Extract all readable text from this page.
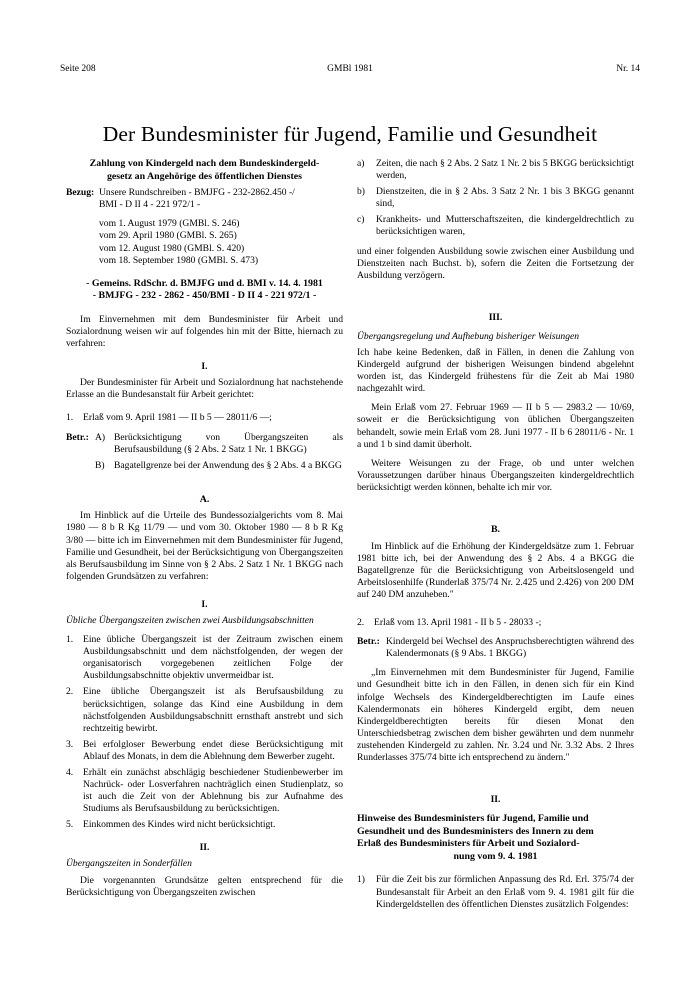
Seite 208	GMBl 1981	Nr. 14
Der Bundesminister für Jugend, Familie und Gesundheit
Zahlung von Kindergeld nach dem Bundeskindergeld-
gesetz an Angehörige des öffentlichen Dienstes
Bezug: Unsere Rundschreiben - BMJFG - 232-2862.450 -/
BMI - D II 4 - 221 972/1 -
vom 1. August 1979 (GMBl. S. 246)
vom 29. April 1980 (GMBl. S. 265)
vom 12. August 1980 (GMBl. S. 420)
vom 18. September 1980 (GMBl. S. 473)
- Gemeins. RdSchr. d. BMJFG und d. BMI v. 14. 4. 1981
- BMJFG - 232 - 2862 - 450/BMI - D II 4 - 221 972/1 -

Im Einvernehmen mit dem Bundesminister für Arbeit und Sozialordnung weisen wir auf folgendes hin mit der Bitte, hiernach zu verfahren:

I.

Der Bundesminister für Arbeit und Sozialordnung hat nachstehende Erlasse an die Bundesanstalt für Arbeit gerichtet:

1.	Erlaß vom 9. April 1981 — II b 5 — 28011/6 —;
Betr.: A) Berücksichtigung von Übergangszeiten als Berufsausbildung (§ 2 Abs. 2 Satz 1 Nr. 1 BKGG)
B) Bagatellgrenze bei der Anwendung des § 2 Abs. 4 a BKGG
A.

Im Hinblick auf die Urteile des Bundessozialgerichts vom 8. Mai 1980 — 8 b R Kg 11/79 — und vom 30. Oktober 1980 — 8 b R Kg 3/80 — bitte ich im Einvernehmen mit dem Bundesminister für Jugend, Familie und Gesundheit, bei der Berücksichtigung von Übergangszeiten als Berufsausbildung im Sinne von § 2 Abs. 2 Satz 1 Nr. 1 BKGG nach folgenden Grundsätzen zu verfahren:

I.

Übliche Übergangszeiten zwischen zwei Ausbildungsabschnitten

1.	Eine übliche Übergangszeit ist der Zeitraum zwischen einem Ausbildungsabschnitt und dem nächstfolgenden, der wegen der organisatorisch vorgegebenen zeitlichen Folge der Ausbildungsabschnitte objektiv unvermeidbar ist.
2.	Eine übliche Übergangszeit ist als Berufsausbildung zu berücksichtigen, solange das Kind eine Ausbildung in dem nächstfolgenden Ausbildungsabschnitt ernsthaft anstrebt und sich rechtzeitig bewirbt.
3.	Bei erfolgloser Bewerbung endet diese Berücksichtigung mit Ablauf des Monats, in dem die Ablehnung dem Bewerber zugeht.
4.	Erhält ein zunächst abschlägig beschiedener Studienbewerber im Nachrück- oder Losverfahren nachträglich einen Studienplatz, so ist auch die Zeit von der Ablehnung bis zur Aufnahme des Studiums als Berufsausbildung zu berücksichtigen.
5.	Einkommen des Kindes wird nicht berücksichtigt.
II.

Übergangszeiten in Sonderfällen

Die vorgenannten Grundsätze gelten entsprechend für die Berücksichtigung von Übergangszeiten zwischen

a)	Zeiten, die nach § 2 Abs. 2 Satz 1 Nr. 2 bis 5 BKGG berücksichtigt werden,
b)	Dienstzeiten, die in § 2 Abs. 3 Satz 2 Nr. 1 bis 3 BKGG genannt sind,
c)	Krankheits- und Mutterschaftszeiten, die kindergeldrechtlich zu berücksichtigen waren,

und einer folgenden Ausbildung sowie zwischen einer Ausbildung und Dienstzeiten nach Buchst. b), sofern die Zeiten die Fortsetzung der Ausbildung verzögern.

III.

Übergangsregelung und Aufhebung bisheriger Weisungen

Ich habe keine Bedenken, daß in Fällen, in denen die Zahlung von Kindergeld aufgrund der bisherigen Weisungen bindend abgelehnt worden ist, das Kindergeld frühestens für die Zeit ab Mai 1980 nachgezahlt wird.

Mein Erlaß vom 27. Februar 1969 — II b 5 — 2983.2 — 10/69, soweit er die Berücksichtigung von üblichen Übergangszeiten behandelt, sowie mein Erlaß vom 28. Juni 1977 - II b 6 28011/6 - Nr. 1 a und 1 b sind damit überholt.

Weitere Weisungen zu der Frage, ob und unter welchen Voraussetzungen darüber hinaus Übergangszeiten kindergeldrechtlich berücksichtigt werden können, behalte ich mir vor.

B.

Im Hinblick auf die Erhöhung der Kindergeldsätze zum 1. Februar 1981 bitte ich, bei der Anwendung des § 2 Abs. 4 a BKGG die Bagatellgrenze für die Berücksichtigung von Arbeitslosengeld und Arbeitslosenhilfe (Runderlaß 375/74 Nr. 2.425 und 2.426) von 200 DM auf 240 DM anzuheben."

2.	Erlaß vom 13. April 1981 - II b 5 - 28033 -;
Betr.: Kindergeld bei Wechsel des Anspruchsberechtigten während des Kalendermonats (§ 9 Abs. 1 BKGG)

„Im Einvernehmen mit dem Bundesminister für Jugend, Familie und Gesundheit bitte ich in den Fällen, in denen sich für ein Kind infolge Wechsels des Kindergeldberechtigten im Laufe eines Kalendermonats ein höheres Kindergeld ergibt, dem neuen Kindergeldberechtigten bereits für diesen Monat den Unterschiedsbetrag zwischen dem bisher gewährten und dem nunmehr zustehenden Kindergeld zu zahlen. Nr. 3.24 und Nr. 3.32 Abs. 2 Ihres Runderlasses 375/74 bitte ich entsprechend zu ändern."

II.
Hinweise des Bundesministers für Jugend, Familie und
Gesundheit und des Bundesministers des Innern zu dem
Erlaß des Bundesministers für Arbeit und Sozialord-
nung vom 9. 4. 1981
1)	Für die Zeit bis zur förmlichen Anpassung des Rd. Erl. 375/74 der Bundesanstalt für Arbeit an den Erlaß vom 9. 4. 1981 gilt für die Kindergeldstellen des öffentlichen Dienstes zusätzlich Folgendes:
